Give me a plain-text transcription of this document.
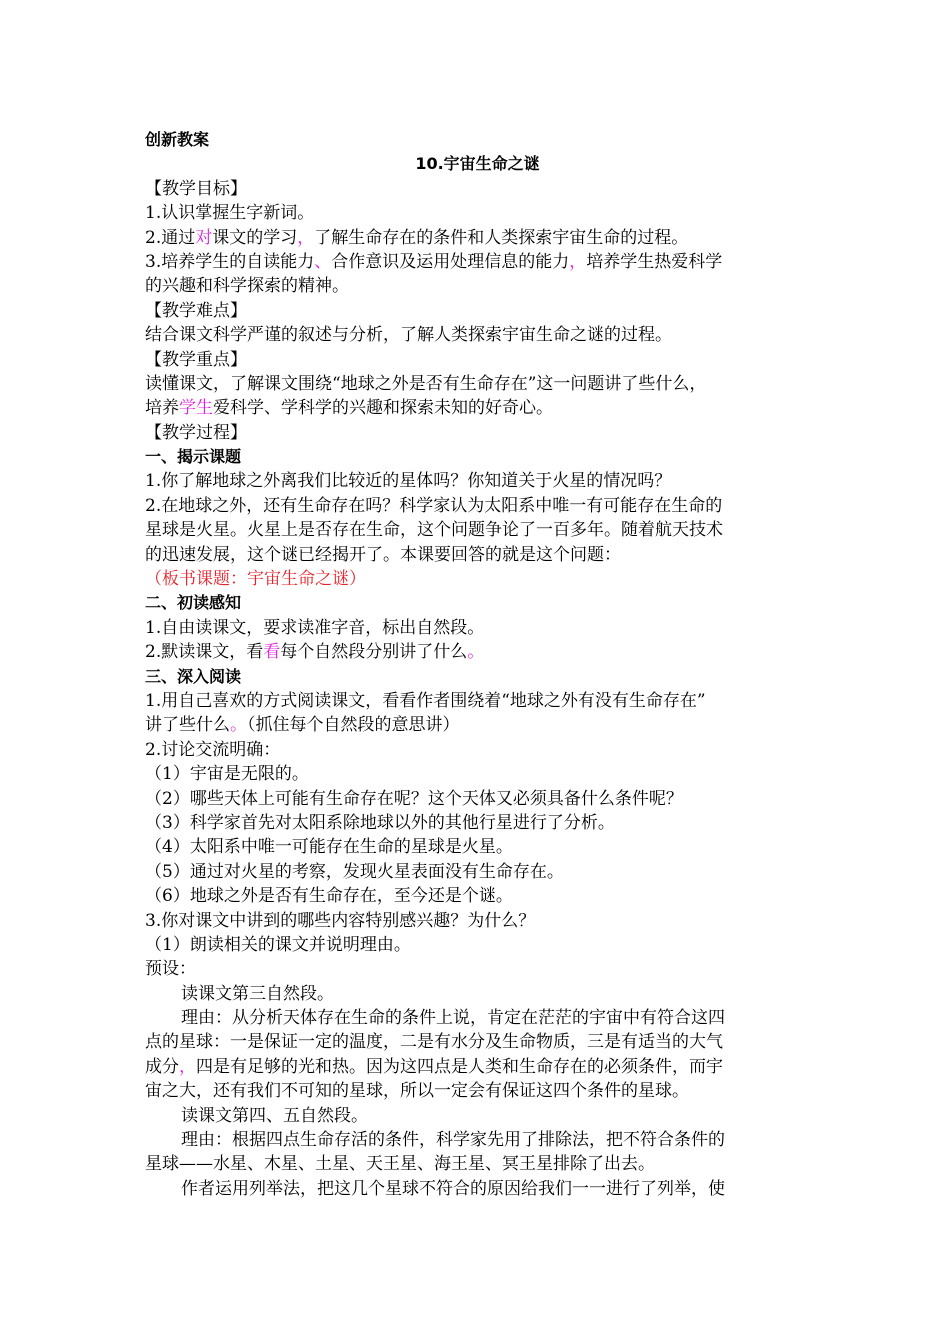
创新教案
10.宇宙生命之谜
【教学目标】
1.认识掌握生字新词。
2.通过对课文的学习，了解生命存在的条件和人类探索宇宙生命的过程。
3.培养学生的自读能力、合作意识及运用处理信息的能力，培养学生热爱科学
的兴趣和科学探索的精神。
【教学难点】
结合课文科学严谨的叙述与分析，了解人类探索宇宙生命之谜的过程。
【教学重点】
读懂课文，了解课文围绕“地球之外是否有生命存在”这一问题讲了些什么，
培养学生爱科学、学科学的兴趣和探索未知的好奇心。
【教学过程】
一、揭示课题
1.你了解地球之外离我们比较近的星体吗？你知道关于火星的情况吗？
2.在地球之外，还有生命存在吗？科学家认为太阳系中唯一有可能存在生命的
星球是火星。火星上是否存在生命，这个问题争论了一百多年。随着航天技术
的迅速发展，这个谜已经揭开了。本课要回答的就是这个问题：
（板书课题：宇宙生命之谜）
二、初读感知
1.自由读课文，要求读准字音，标出自然段。
2.默读课文，看看每个自然段分别讲了什么。
三、深入阅读
1.用自己喜欢的方式阅读课文，看看作者围绕着“地球之外有没有生命存在”
讲了些什么。（抓住每个自然段的意思讲）
2.讨论交流明确：
（1）宇宙是无限的。
（2）哪些天体上可能有生命存在呢？这个天体又必须具备什么条件呢？
（3）科学家首先对太阳系除地球以外的其他行星进行了分析。
（4）太阳系中唯一可能存在生命的星球是火星。
（5）通过对火星的考察，发现火星表面没有生命存在。
（6）地球之外是否有生命存在，至今还是个谜。
3.你对课文中讲到的哪些内容特别感兴趣？为什么？
（1）朗读相关的课文并说明理由。
预设：
读课文第三自然段。
理由：从分析天体存在生命的条件上说，肯定在茫茫的宇宙中有符合这四
点的星球：一是保证一定的温度，二是有水分及生命物质，三是有适当的大气
成分，四是有足够的光和热。因为这四点是人类和生命存在的必须条件，而宇
宙之大，还有我们不可知的星球，所以一定会有保证这四个条件的星球。
读课文第四、五自然段。
理由：根据四点生命存活的条件，科学家先用了排除法，把不符合条件的
星球——水星、木星、土星、天王星、海王星、冥王星排除了出去。
作者运用列举法，把这几个星球不符合的原因给我们一一进行了列举，使
